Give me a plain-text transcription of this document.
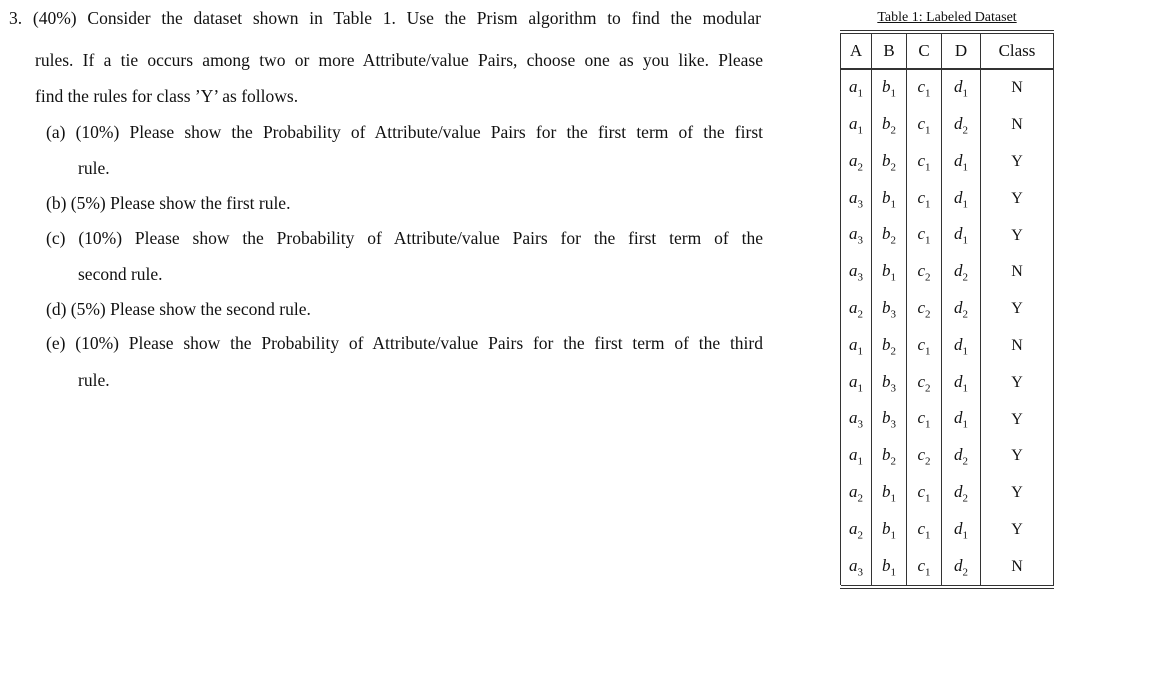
3. (40%) Consider the dataset shown in Table 1. Use the Prism algorithm to find the modular
rules. If a tie occurs among two or more Attribute/value Pairs, choose one as you like. Please
find the rules for class ’Y’ as follows.
(a) (10%) Please show the Probability of Attribute/value Pairs for the first term of the first
rule.
(b) (5%) Please show the first rule.
(c) (10%) Please show the Probability of Attribute/value Pairs for the first term of the
second rule.
(d) (5%) Please show the second rule.
(e) (10%) Please show the Probability of Attribute/value Pairs for the first term of the third
rule.
Table 1: Labeled Dataset
A	B	C	D	Class
$a_1$	$b_1$	$c_1$	$d_1$	N
$a_1$	$b_2$	$c_1$	$d_2$	N
$a_2$	$b_2$	$c_1$	$d_1$	Y
$a_3$	$b_1$	$c_1$	$d_1$	Y
$a_3$	$b_2$	$c_1$	$d_1$	Y
$a_3$	$b_1$	$c_2$	$d_2$	N
$a_2$	$b_3$	$c_2$	$d_2$	Y
$a_1$	$b_2$	$c_1$	$d_1$	N
$a_1$	$b_3$	$c_2$	$d_1$	Y
$a_3$	$b_3$	$c_1$	$d_1$	Y
$a_1$	$b_2$	$c_2$	$d_2$	Y
$a_2$	$b_1$	$c_1$	$d_2$	Y
$a_2$	$b_1$	$c_1$	$d_1$	Y
$a_3$	$b_1$	$c_1$	$d_2$	N
